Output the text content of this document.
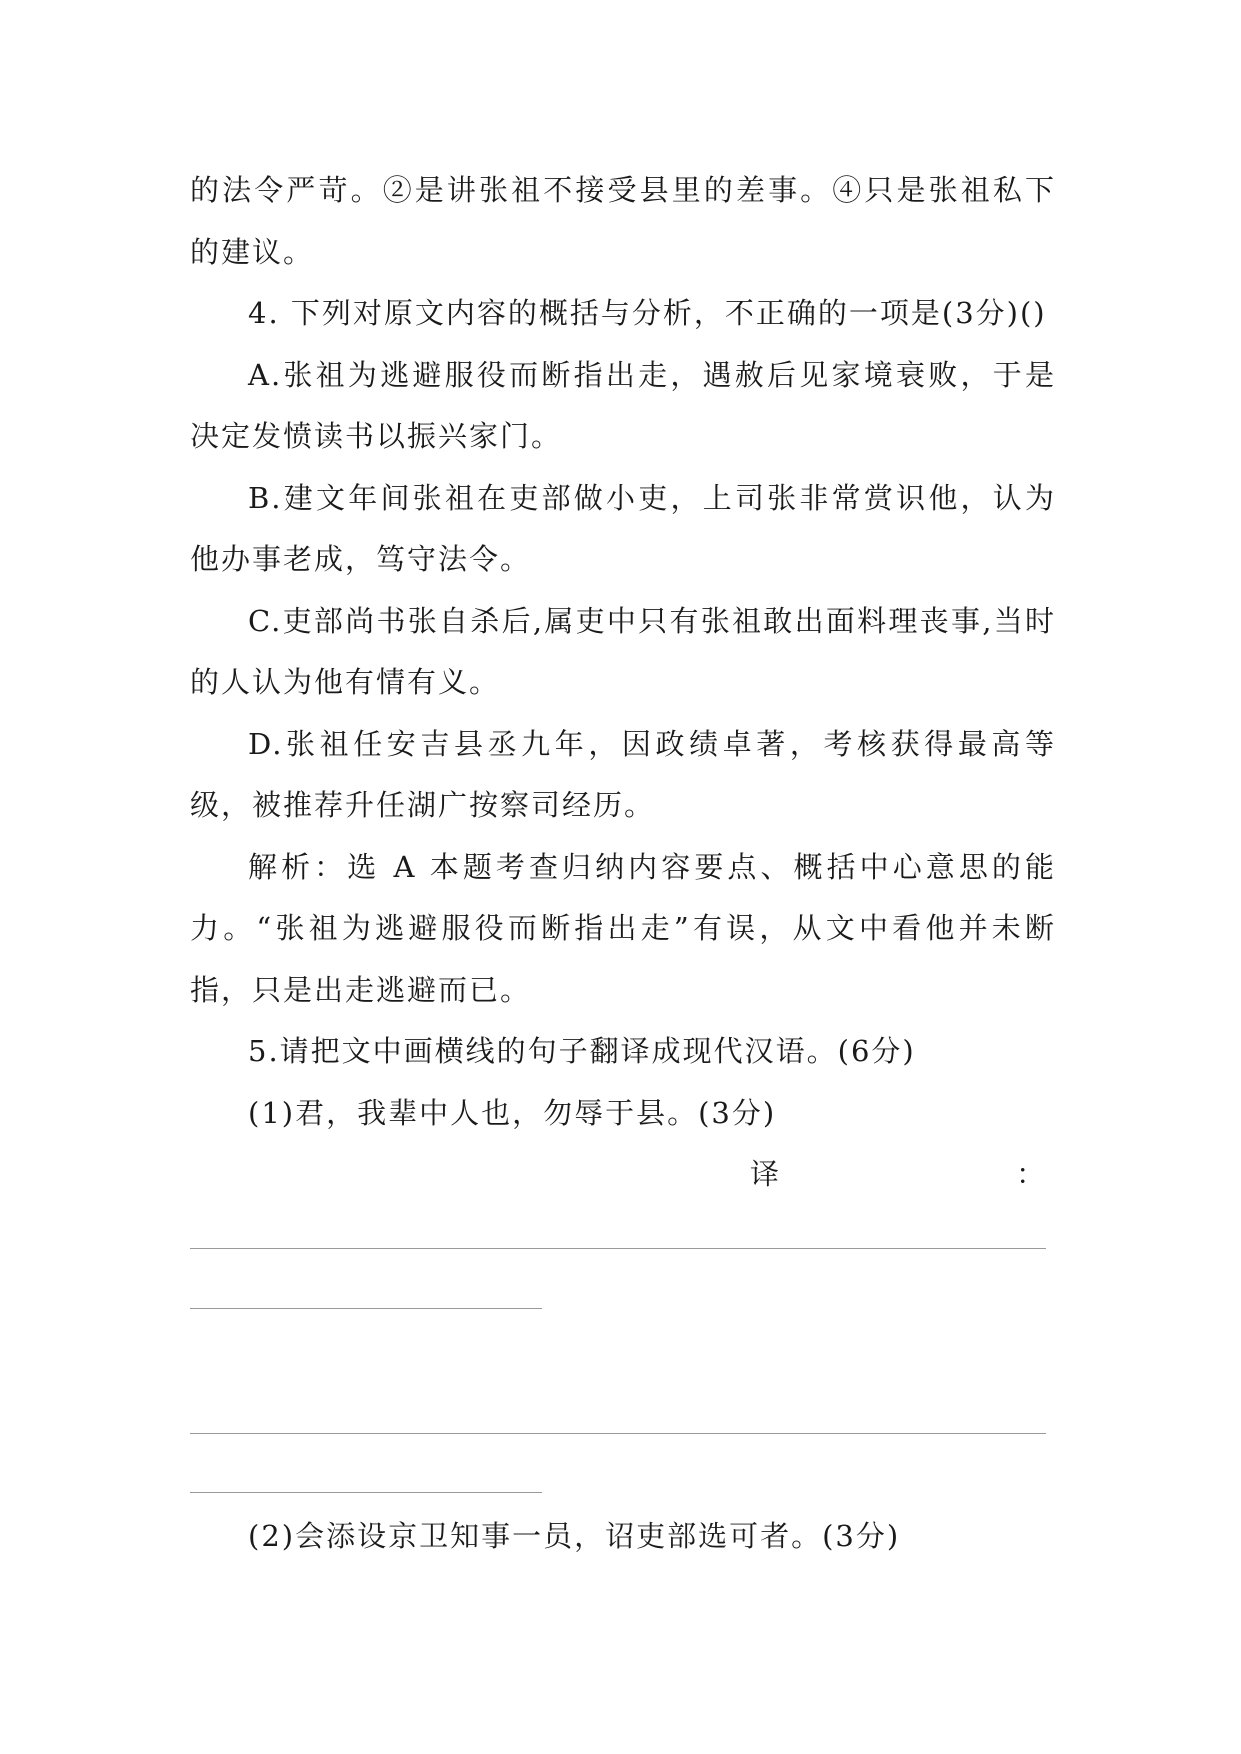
的法令严苛。②是讲张祖不接受县里的差事。④只是张祖私下的建议。

4. 下列对原文内容的概括与分析，不正确的一项是(3分)()

A.张祖为逃避服役而断指出走，遇赦后见家境衰败，于是决定发愤读书以振兴家门。

B.建文年间张祖在吏部做小吏，上司张非常赏识他，认为他办事老成，笃守法令。

C.吏部尚书张自杀后,属吏中只有张祖敢出面料理丧事,当时的人认为他有情有义。

D.张祖任安吉县丞九年，因政绩卓著，考核获得最高等级，被推荐升任湖广按察司经历。

解析：选 A 本题考查归纳内容要点、概括中心意思的能力。“张祖为逃避服役而断指出走”有误，从文中看他并未断指，只是出走逃避而已。

5.请把文中画横线的句子翻译成现代汉语。(6分)

(1)君，我辈中人也，勿辱于县。(3分)

译	：

(2)会添设京卫知事一员，诏吏部选可者。(3分)
